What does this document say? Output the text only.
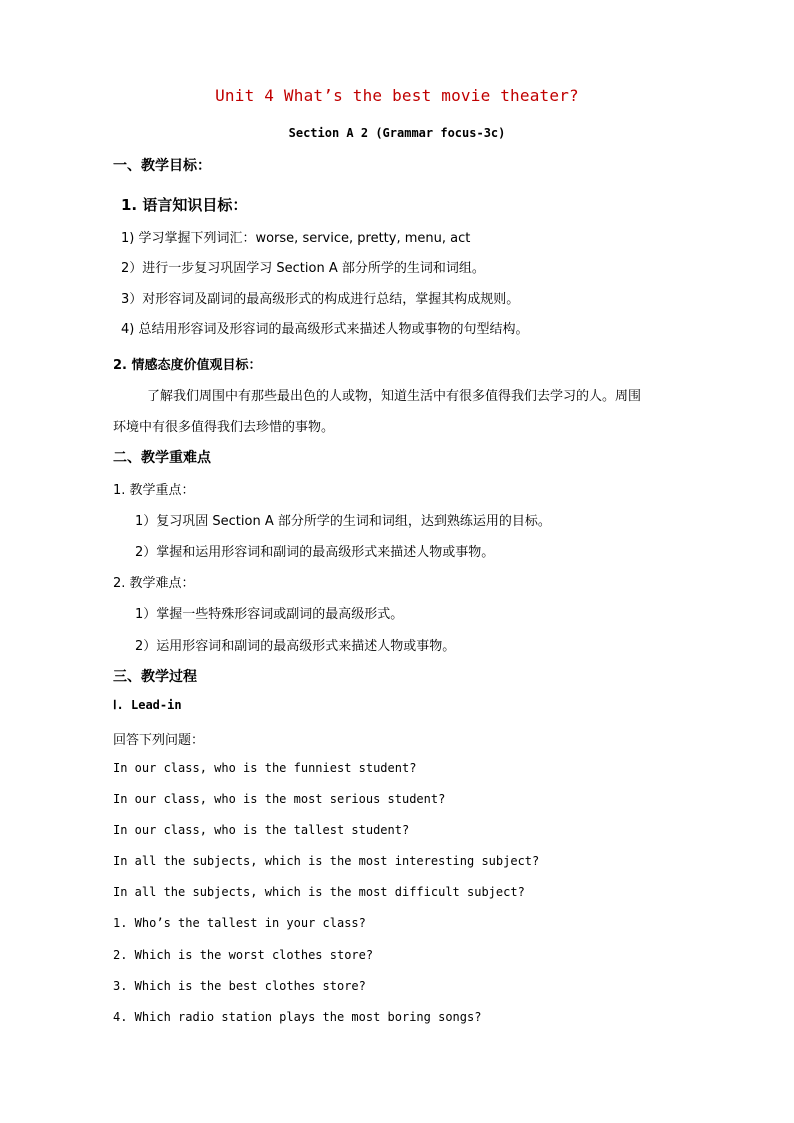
Unit 4 What’s the best movie theater?
Section A 2 (Grammar focus-3c)
一、教学目标：
1. 语言知识目标：
1) 学习掌握下列词汇：worse, service, pretty, menu, act
2）进行一步复习巩固学习 Section A 部分所学的生词和词组。
3）对形容词及副词的最高级形式的构成进行总结，掌握其构成规则。
4) 总结用形容词及形容词的最高级形式来描述人物或事物的句型结构。
2. 情感态度价值观目标：
了解我们周围中有那些最出色的人或物，知道生活中有很多值得我们去学习的人。周围
环境中有很多值得我们去珍惜的事物。
二、教学重难点
1. 教学重点：
1）复习巩固 Section A 部分所学的生词和词组，达到熟练运用的目标。
2）掌握和运用形容词和副词的最高级形式来描述人物或事物。
2. 教学难点：
1）掌握一些特殊形容词或副词的最高级形式。
2）运用形容词和副词的最高级形式来描述人物或事物。
三、教学过程
Ⅰ. Lead-in
回答下列问题：
In our class, who is the funniest student?
In our class, who is the most serious student?
In our class, who is the tallest student?
In all the subjects, which is the most interesting subject?
In all the subjects, which is the most difficult subject?
1. Who’s the tallest in your class?
2. Which is the worst clothes store?
3. Which is the best clothes store?
4. Which radio station plays the most boring songs?
